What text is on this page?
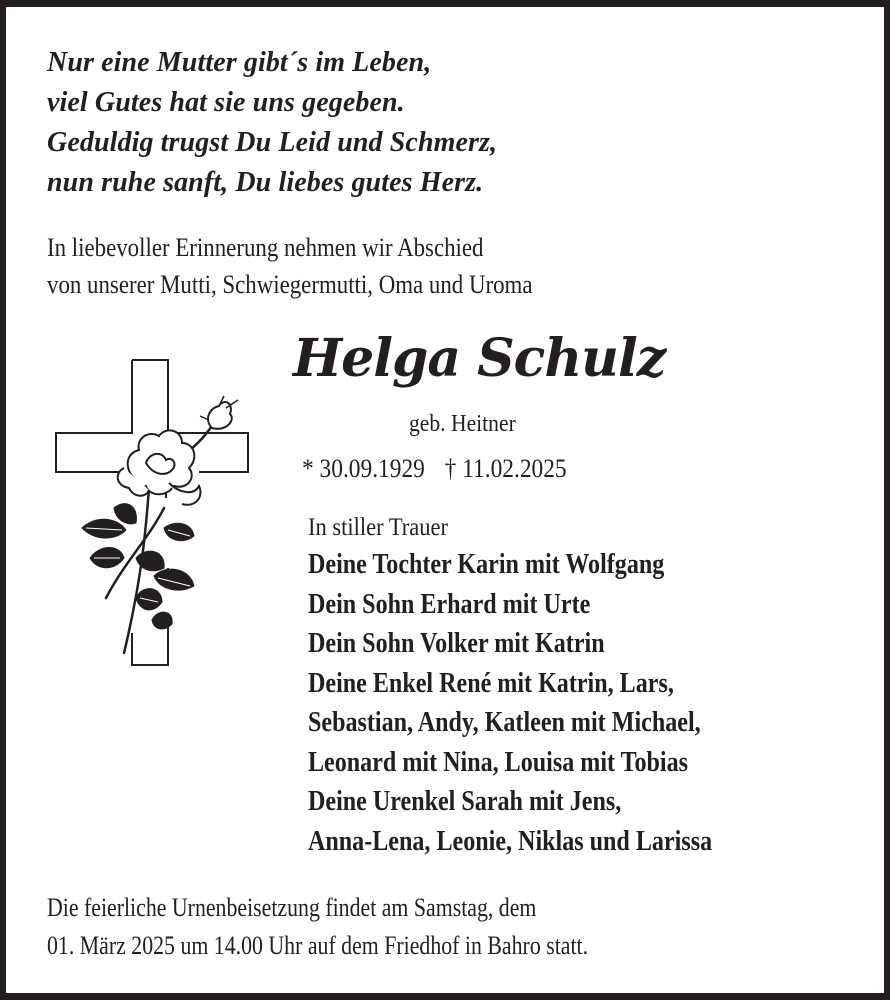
Nur eine Mutter gibt´s im Leben,
viel Gutes hat sie uns gegeben.
Geduldig trugst Du Leid und Schmerz,
nun ruhe sanft, Du liebes gutes Herz.
In liebevoller Erinnerung nehmen wir Abschied
von unserer Mutti, Schwiegermutti, Oma und Uroma
Helga Schulz
geb. Heitner
* 30.09.1929 † 11.02.2025
In stiller Trauer
Deine Tochter Karin mit Wolfgang
Dein Sohn Erhard mit Urte
Dein Sohn Volker mit Katrin
Deine Enkel René mit Katrin, Lars,
Sebastian, Andy, Katleen mit Michael,
Leonard mit Nina, Louisa mit Tobias
Deine Urenkel Sarah mit Jens,
Anna-Lena, Leonie, Niklas und Larissa
Die feierliche Urnenbeisetzung findet am Samstag, dem
01. März 2025 um 14.00 Uhr auf dem Friedhof in Bahro statt.
